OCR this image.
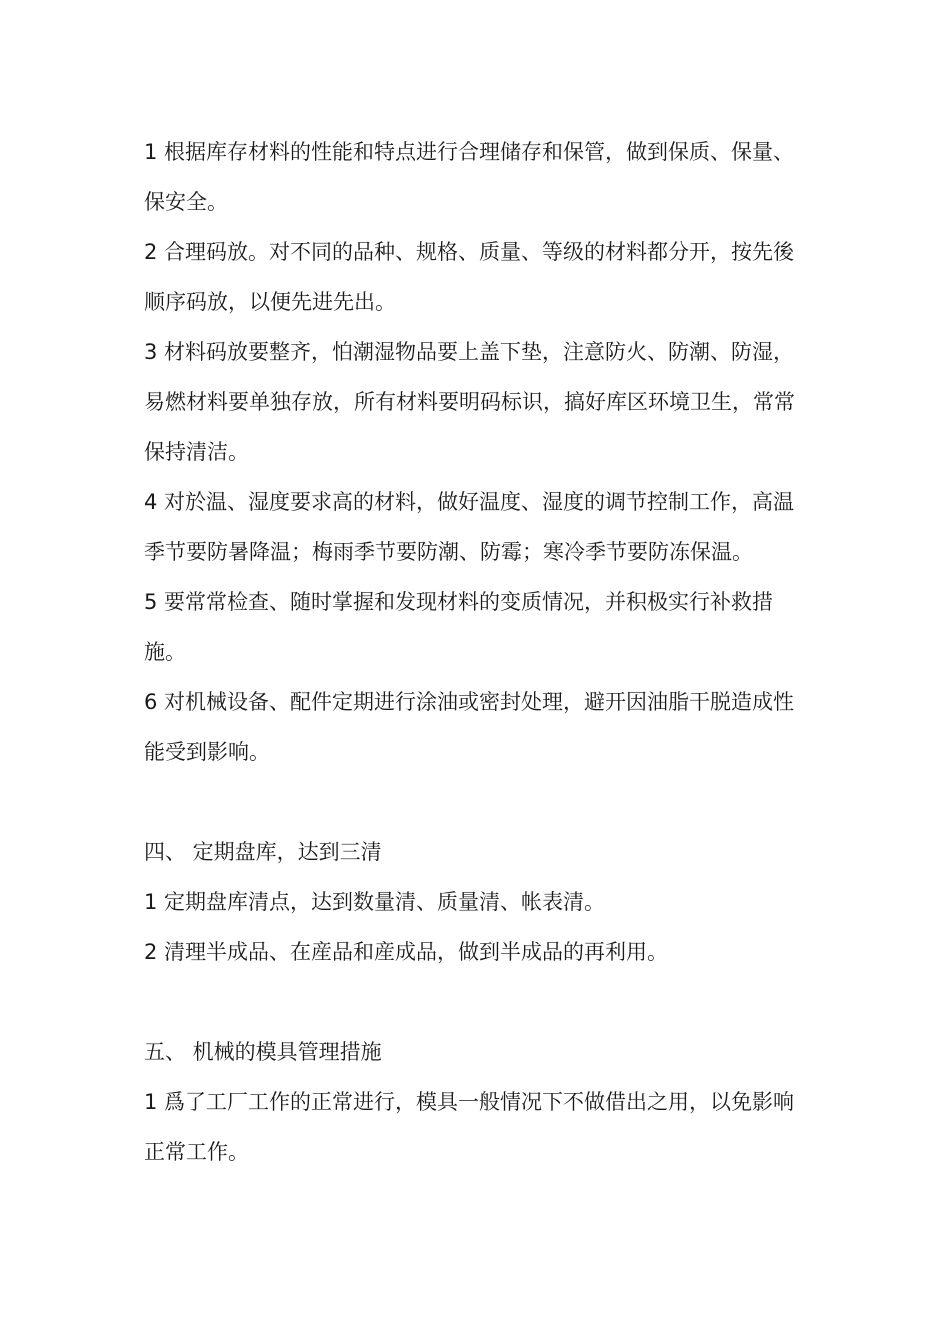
1 根据库存材料的性能和特点进行合理储存和保管，做到保质、保量、保安全。

2 合理码放。对不同的品种、规格、质量、等级的材料都分开，按先後顺序码放，以便先进先出。

3 材料码放要整齐，怕潮湿物品要上盖下垫，注意防火、防潮、防湿，易燃材料要单独存放，所有材料要明码标识，搞好库区环境卫生，常常保持清洁。

4 对於温、湿度要求高的材料，做好温度、湿度的调节控制工作，高温季节要防暑降温；梅雨季节要防潮、防霉；寒冷季节要防冻保温。

5 要常常检查、随时掌握和发现材料的变质情况，并积极实行补救措施。

6 对机械设备、配件定期进行涂油或密封处理，避开因油脂干脱造成性能受到影响。

四、 定期盘库，达到三清

1 定期盘库清点，达到数量清、质量清、帐表清。

2 清理半成品、在産品和産成品，做到半成品的再利用。

五、 机械的模具管理措施

1 爲了工厂工作的正常进行，模具一般情况下不做借出之用，以免影响正常工作。
